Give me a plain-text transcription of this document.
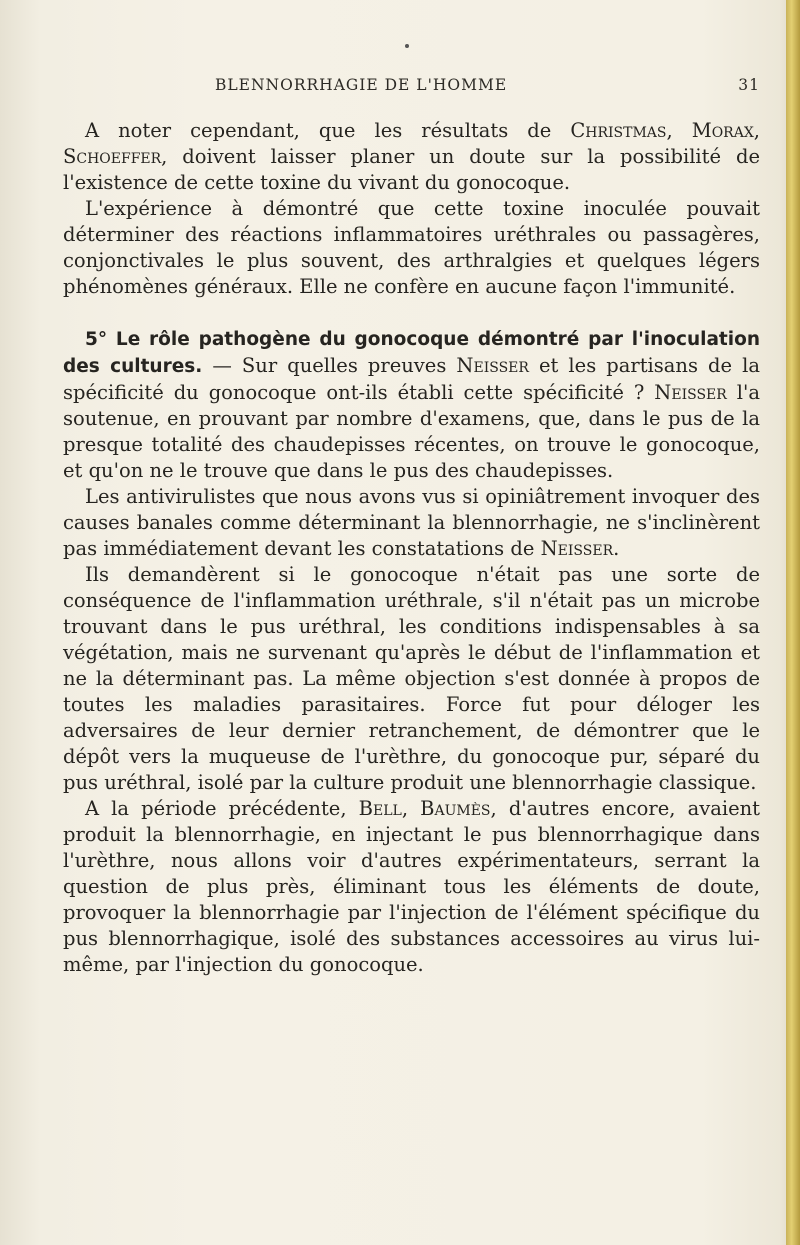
BLENNORRHAGIE DE L'HOMME	31

A noter cependant, que les résultats de Christmas, Morax, Schoeffer, doivent laisser planer un doute sur la possibilité de l'existence de cette toxine du vivant du gonocoque.

L'expérience à démontré que cette toxine inoculée pouvait déterminer des réactions inflammatoires uréthrales ou passagères, conjonctivales le plus souvent, des arthralgies et quelques légers phénomènes généraux. Elle ne confère en aucune façon l'immunité.

5° Le rôle pathogène du gonocoque démontré par l'inoculation des cultures. — Sur quelles preuves Neisser et les partisans de la spécificité du gonocoque ont-ils établi cette spécificité ? Neisser l'a soutenue, en prouvant par nombre d'examens, que, dans le pus de la presque totalité des chaudepisses récentes, on trouve le gonocoque, et qu'on ne le trouve que dans le pus des chaudepisses.

Les antivirulistes que nous avons vus si opiniâtrement invoquer des causes banales comme déterminant la blennorrhagie, ne s'inclinèrent pas immédiatement devant les constatations de Neisser.

Ils demandèrent si le gonocoque n'était pas une sorte de conséquence de l'inflammation uréthrale, s'il n'était pas un microbe trouvant dans le pus uréthral, les conditions indispensables à sa végétation, mais ne survenant qu'après le début de l'inflammation et ne la déterminant pas. La même objection s'est donnée à propos de toutes les maladies parasitaires. Force fut pour déloger les adversaires de leur dernier retranchement, de démontrer que le dépôt vers la muqueuse de l'urèthre, du gonocoque pur, séparé du pus uréthral, isolé par la culture produit une blennorrhagie classique.

A la période précédente, Bell, Baumès, d'autres encore, avaient produit la blennorrhagie, en injectant le pus blennorrhagique dans l'urèthre, nous allons voir d'autres expérimentateurs, serrant la question de plus près, éliminant tous les éléments de doute, provoquer la blennorrhagie par l'injection de l'élément spécifique du pus blennorrhagique, isolé des substances accessoires au virus lui-même, par l'injection du gonocoque.
